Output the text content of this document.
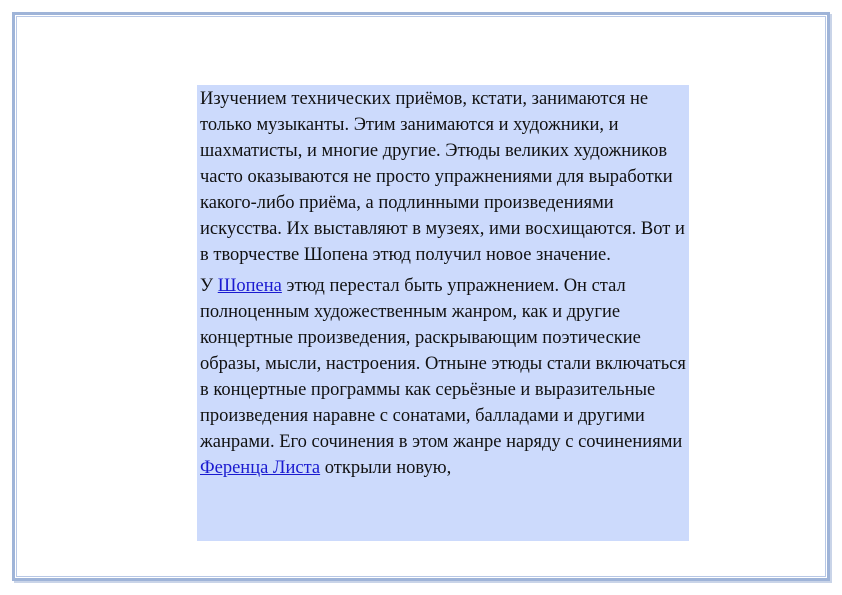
Изучением технических приёмов, кстати, занимаются не только музыканты. Этим занимаются и художники, и шахматисты, и многие другие. Этюды великих художников часто оказываются не просто упражнениями для выработки какого-либо приёма, а подлинными произведениями искусства. Их выставляют в музеях, ими восхищаются. Вот и в творчестве Шопена этюд получил новое значение.

У Шопена этюд перестал быть упражнением. Он стал полноценным художественным жанром, как и другие концертные произведения, раскрывающим поэтические образы, мысли, настроения. Отныне этюды стали включаться в концертные программы как серьёзные и выразительные произведения наравне с сонатами, балладами и другими жанрами. Его сочинения в этом жанре наряду с сочинениями Ференца Листа открыли новую,
